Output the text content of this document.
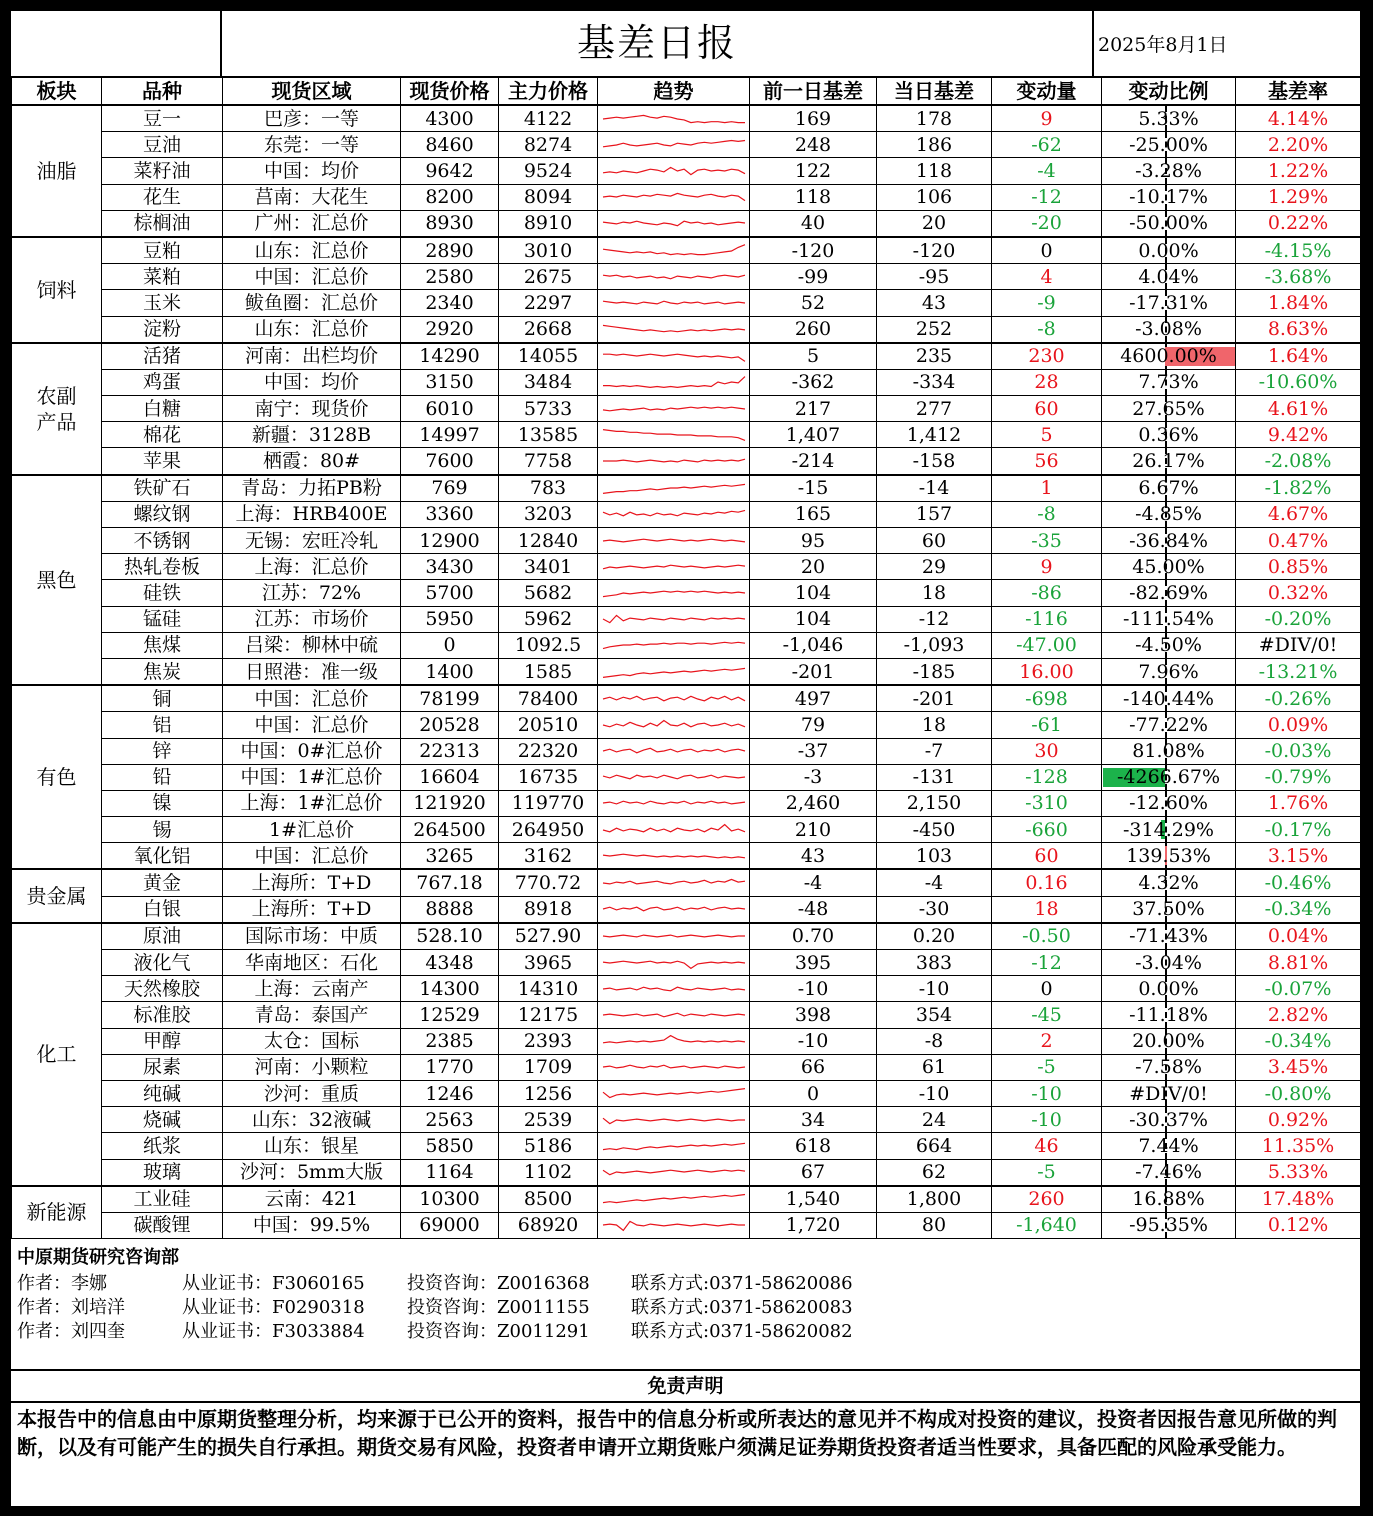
基差日报	2025年8月1日
板块	品种	现货区域	现货价格	主力价格	趋势	前一日基差	当日基差	变动量	变动比例	基差率
油脂	豆一	巴彦：一等	4300	4122		169	178	9	5.33%	4.14%
	豆油	东莞：一等	8460	8274		248	186	-62	-25.00%	2.20%
	菜籽油	中国：均价	9642	9524		122	118	-4	-3.28%	1.22%
	花生	莒南：大花生	8200	8094		118	106	-12	-10.17%	1.29%
	棕榈油	广州：汇总价	8930	8910		40	20	-20	-50.00%	0.22%
饲料	豆粕	山东：汇总价	2890	3010		-120	-120	0	0.00%	-4.15%
	菜粕	中国：汇总价	2580	2675		-99	-95	4	4.04%	-3.68%
	玉米	鲅鱼圈：汇总价	2340	2297		52	43	-9	-17.31%	1.84%
	淀粉	山东：汇总价	2920	2668		260	252	-8	-3.08%	8.63%
农副产品	活猪	河南：出栏均价	14290	14055		5	235	230	4600.00%	1.64%
	鸡蛋	中国：均价	3150	3484		-362	-334	28	7.73%	-10.60%
	白糖	南宁：现货价	6010	5733		217	277	60	27.65%	4.61%
	棉花	新疆：3128B	14997	13585		1,407	1,412	5	0.36%	9.42%
	苹果	栖霞：80#	7600	7758		-214	-158	56	26.17%	-2.08%
黑色	铁矿石	青岛：力拓PB粉	769	783		-15	-14	1	6.67%	-1.82%
	螺纹钢	上海：HRB400E	3360	3203		165	157	-8	-4.85%	4.67%
	不锈钢	无锡：宏旺冷轧	12900	12840		95	60	-35	-36.84%	0.47%
	热轧卷板	上海：汇总价	3430	3401		20	29	9	45.00%	0.85%
	硅铁	江苏：72%	5700	5682		104	18	-86	-82.69%	0.32%
	锰硅	江苏：市场价	5950	5962		104	-12	-116	-111.54%	-0.20%
	焦煤	吕梁：柳林中硫	0	1092.5		-1,046	-1,093	-47.00	-4.50%	#DIV/0!
	焦炭	日照港：准一级	1400	1585		-201	-185	16.00	7.96%	-13.21%
有色	铜	中国：汇总价	78199	78400		497	-201	-698	-140.44%	-0.26%
	铝	中国：汇总价	20528	20510		79	18	-61	-77.22%	0.09%
	锌	中国：0#汇总价	22313	22320		-37	-7	30	81.08%	-0.03%
	铅	中国：1#汇总价	16604	16735		-3	-131	-128	-4266.67%	-0.79%
	镍	上海：1#汇总价	121920	119770		2,460	2,150	-310	-12.60%	1.76%
	锡	1#汇总价	264500	264950		210	-450	-660	-314.29%	-0.17%
	氧化铝	中国：汇总价	3265	3162		43	103	60	139.53%	3.15%
贵金属	黄金	上海所：T+D	767.18	770.72		-4	-4	0.16	4.32%	-0.46%
	白银	上海所：T+D	8888	8918		-48	-30	18	37.50%	-0.34%
化工	原油	国际市场：中质	528.10	527.90		0.70	0.20	-0.50	-71.43%	0.04%
	液化气	华南地区：石化	4348	3965		395	383	-12	-3.04%	8.81%
	天然橡胶	上海：云南产	14300	14310		-10	-10	0	0.00%	-0.07%
	标准胶	青岛：泰国产	12529	12175		398	354	-45	-11.18%	2.82%
	甲醇	太仓：国标	2385	2393		-10	-8	2	20.00%	-0.34%
	尿素	河南：小颗粒	1770	1709		66	61	-5	-7.58%	3.45%
	纯碱	沙河：重质	1246	1256		0	-10	-10	#DIV/0!	-0.80%
	烧碱	山东：32液碱	2563	2539		34	24	-10	-30.37%	0.92%
	纸浆	山东：银星	5850	5186		618	664	46	7.44%	11.35%
	玻璃	沙河：5mm大版	1164	1102		67	62	-5	-7.46%	5.33%
新能源	工业硅	云南：421	10300	8500		1,540	1,800	260	16.88%	17.48%
	碳酸锂	中国：99.5%	69000	68920		1,720	80	-1,640	-95.35%	0.12%
中原期货研究咨询部
作者：李娜	从业证书：F3060165 投资咨询：Z0016368 联系方式:0371-58620086
作者：刘培洋	从业证书：F0290318 投资咨询：Z0011155 联系方式:0371-58620083
作者：刘四奎	从业证书：F3033884 投资咨询：Z0011291 联系方式:0371-58620082
免责声明
本报告中的信息由中原期货整理分析，均来源于已公开的资料，报告中的信息分析或所表达的意见并不构成对投资的建议，投资者因报告意见所做的判断，以及有可能产生的损失自行承担。期货交易有风险，投资者申请开立期货账户须满足证券期货投资者适当性要求，具备匹配的风险承受能力。
